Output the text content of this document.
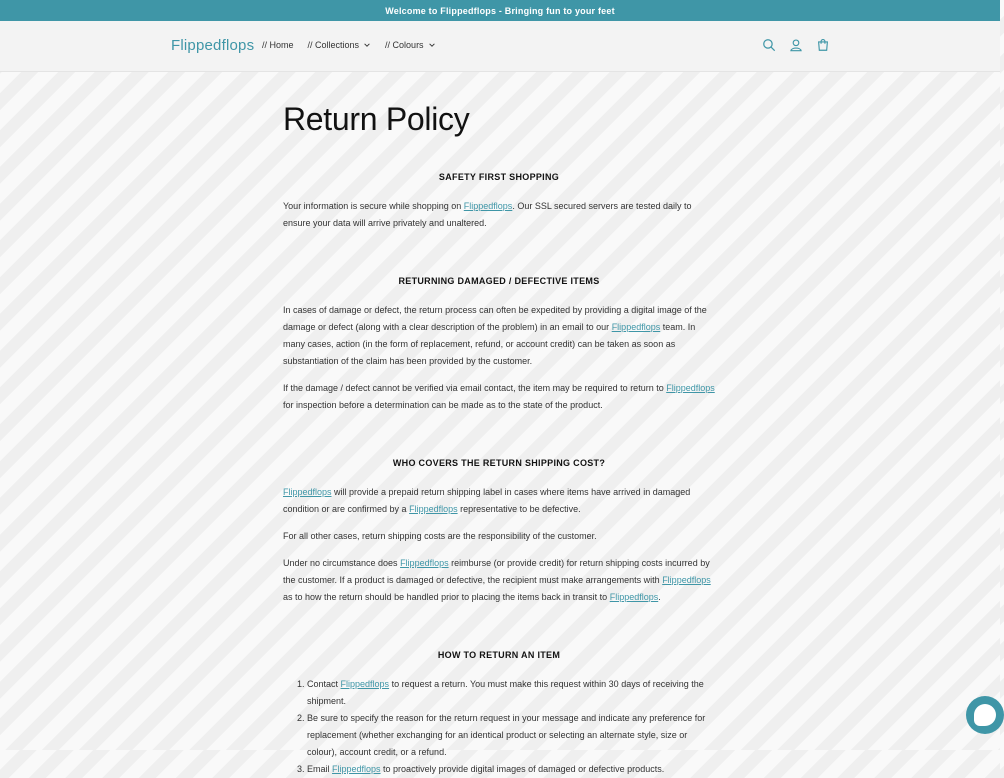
Welcome to Flippedflops - Bringing fun to your feet
Flippedflops // Home // Collections	// Colours
Return Policy
SAFETY FIRST SHOPPING

Your information is secure while shopping on Flippedflops. Our SSL secured servers are tested daily to ensure your data will arrive privately and unaltered.

RETURNING DAMAGED / DEFECTIVE ITEMS

In cases of damage or defect, the return process can often be expedited by providing a digital image of the damage or defect (along with a clear description of the problem) in an email to our Flippedflops team. In many cases, action (in the form of replacement, refund, or account credit) can be taken as soon as substantiation of the claim has been provided by the customer.

If the damage / defect cannot be verified via email contact, the item may be required to return to Flippedflops for inspection before a determination can be made as to the state of the product.

WHO COVERS THE RETURN SHIPPING COST?

Flippedflops will provide a prepaid return shipping label in cases where items have arrived in damaged condition or are confirmed by a Flippedflops representative to be defective.

For all other cases, return shipping costs are the responsibility of the customer.

Under no circumstance does Flippedflops reimburse (or provide credit) for return shipping costs incurred by the customer. If a product is damaged or defective, the recipient must make arrangements with Flippedflops as to how the return should be handled prior to placing the items back in transit to Flippedflops.

HOW TO RETURN AN ITEM
1. Contact Flippedflops to request a return. You must make this request within 30 days of receiving the shipment.
2. Be sure to specify the reason for the return request in your message and indicate any preference for replacement (whether exchanging for an identical product or selecting an alternate style, size or colour), account credit, or a refund.
3. Email Flippedflops to proactively provide digital images of damaged or defective products.
